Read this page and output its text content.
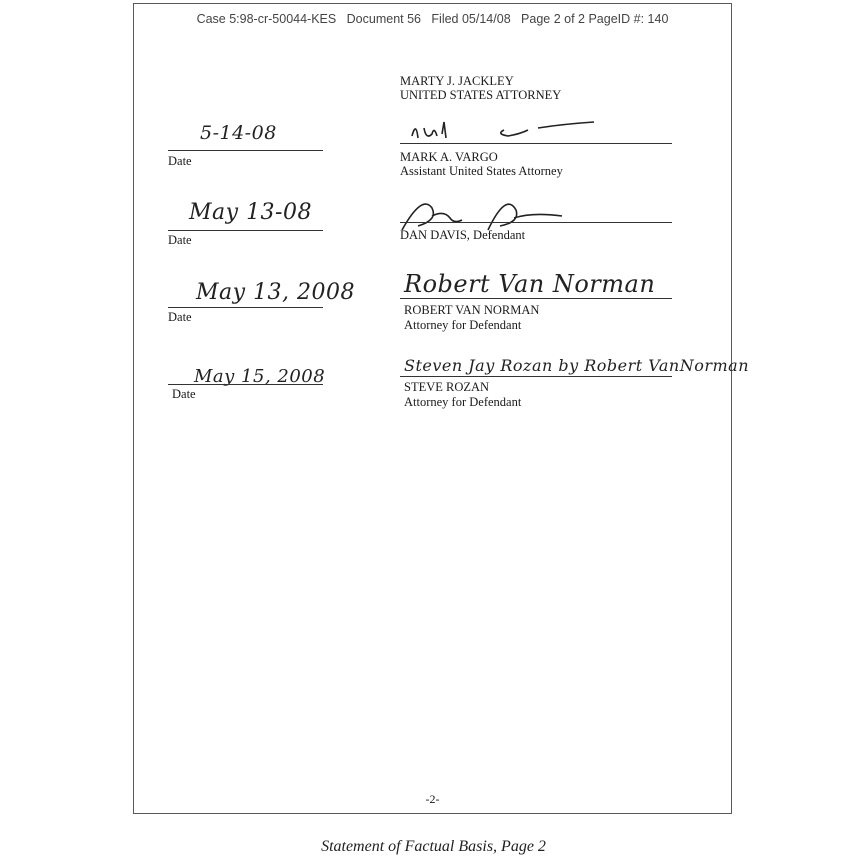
Case 5:98-cr-50044-KES   Document 56   Filed 05/14/08   Page 2 of 2 PageID #: 140
MARTY J. JACKLEY
UNITED STATES ATTORNEY
5-14-08
Date	MARK A. VARGO
Assistant United States Attorney
May 13-08
Date	DAN DAVIS, Defendant
May 13, 2008
Date
Robert Van Norman
ROBERT VAN NORMAN
Attorney for Defendant
May 15, 2008
Date
Steven Jay Rozan by Robert VanNorman
STEVE ROZAN
Attorney for Defendant
-2-
Statement of Factual Basis, Page 2
